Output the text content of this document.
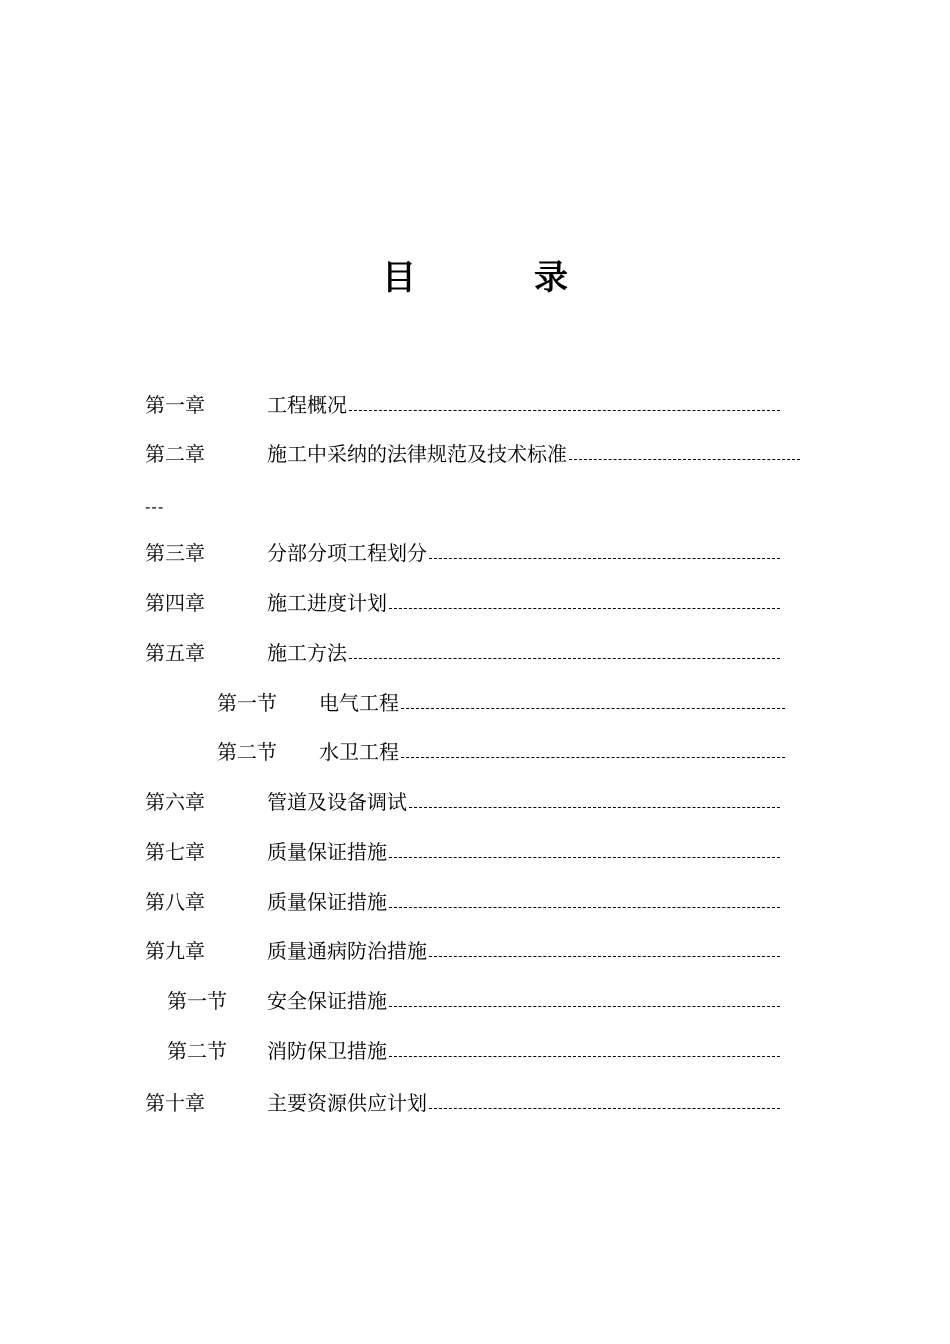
目	录
第一章	工程概况
第二章	施工中采纳的法律规范及技术标准
---
第三章	分部分项工程划分
第四章	施工进度计划
第五章	施工方法
第一节 电气工程
第二节 水卫工程
第六章	管道及设备调试
第七章	质量保证措施
第八章	质量保证措施
第九章	质量通病防治措施
第一节 安全保证措施
第二节 消防保卫措施
第十章	主要资源供应计划
